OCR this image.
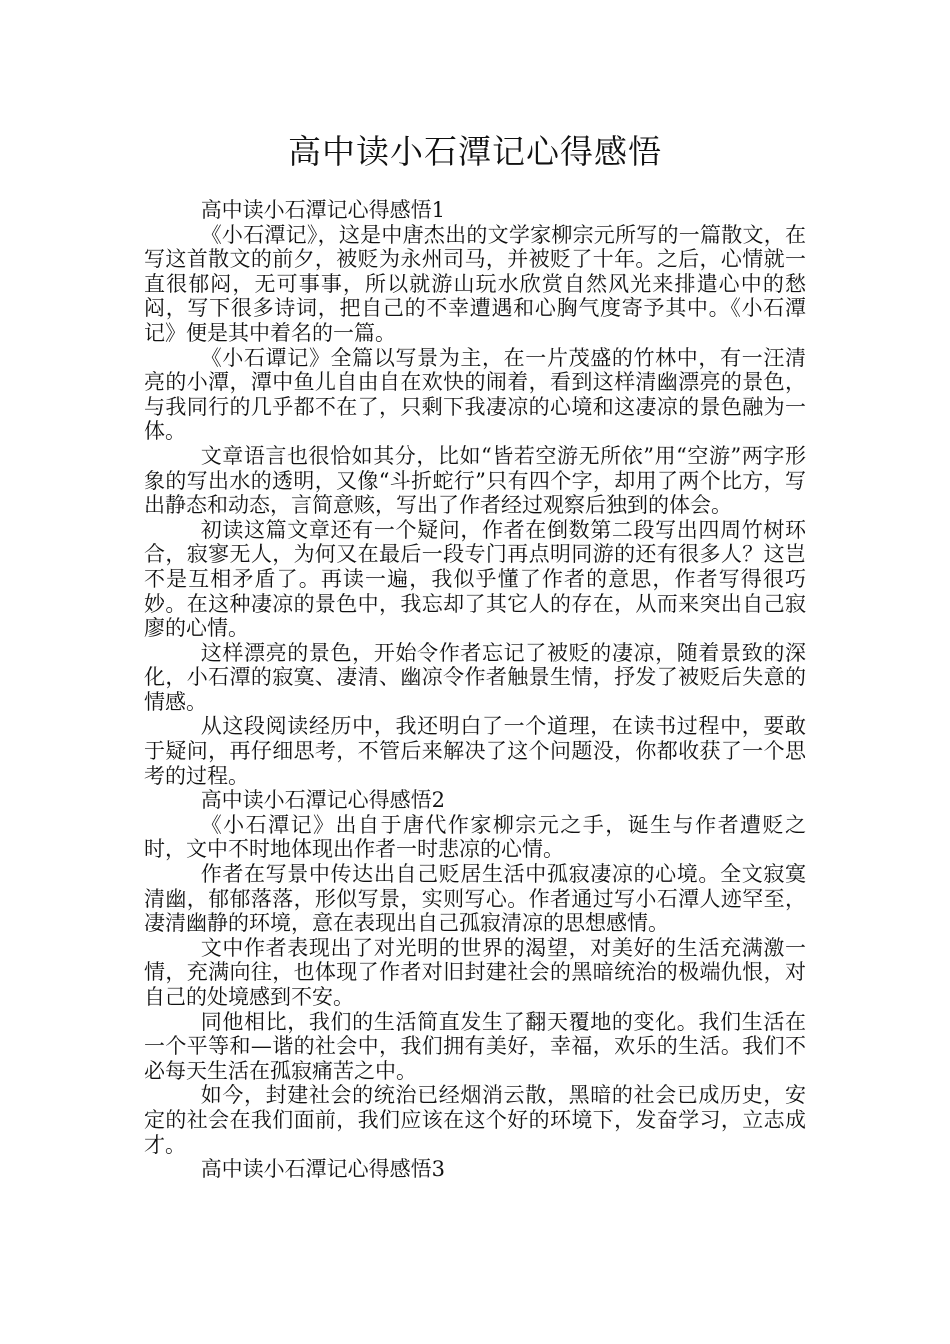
高中读小石潭记心得感悟

高中读小石潭记心得感悟1

《小石潭记》，这是中唐杰出的文学家柳宗元所写的一篇散文，在写这首散文的前夕，被贬为永州司马，并被贬了十年。之后，心情就一直很郁闷，无可事事，所以就游山玩水欣赏自然风光来排遣心中的愁闷，写下很多诗词，把自己的不幸遭遇和心胸气度寄予其中。《小石潭记》便是其中着名的一篇。

《小石谭记》全篇以写景为主，在一片茂盛的竹林中，有一汪清亮的小潭，潭中鱼儿自由自在欢快的闹着，看到这样清幽漂亮的景色，与我同行的几乎都不在了，只剩下我凄凉的心境和这凄凉的景色融为一体。

文章语言也很恰如其分，比如“皆若空游无所依”用“空游”两字形象的写出水的透明，又像“斗折蛇行”只有四个字，却用了两个比方，写出静态和动态，言简意赅，写出了作者经过观察后独到的体会。

初读这篇文章还有一个疑问，作者在倒数第二段写出四周竹树环合，寂寥无人，为何又在最后一段专门再点明同游的还有很多人？这岂不是互相矛盾了。再读一遍，我似乎懂了作者的意思，作者写得很巧妙。在这种凄凉的景色中，我忘却了其它人的存在，从而来突出自己寂廖的心情。

这样漂亮的景色，开始令作者忘记了被贬的凄凉，随着景致的深化，小石潭的寂寞、凄清、幽凉令作者触景生情，抒发了被贬后失意的情感。

从这段阅读经历中，我还明白了一个道理，在读书过程中，要敢于疑问，再仔细思考，不管后来解决了这个问题没，你都收获了一个思考的过程。

高中读小石潭记心得感悟2

《小石潭记》出自于唐代作家柳宗元之手，诞生与作者遭贬之时，文中不时地体现出作者一时悲凉的心情。

作者在写景中传达出自己贬居生活中孤寂凄凉的心境。全文寂寞清幽，郁郁落落，形似写景，实则写心。作者通过写小石潭人迹罕至，凄清幽静的环境，意在表现出自己孤寂清凉的思想感情。

文中作者表现出了对光明的世界的渴望，对美好的生活充满激一情，充满向往，也体现了作者对旧封建社会的黑暗统治的极端仇恨，对自己的处境感到不安。

同他相比，我们的生活简直发生了翻天覆地的变化。我们生活在一个平等和—谐的社会中，我们拥有美好，幸福，欢乐的生活。我们不必每天生活在孤寂痛苦之中。

如今，封建社会的统治已经烟消云散，黑暗的社会已成历史，安定的社会在我们面前，我们应该在这个好的环境下，发奋学习，立志成才。

高中读小石潭记心得感悟3
